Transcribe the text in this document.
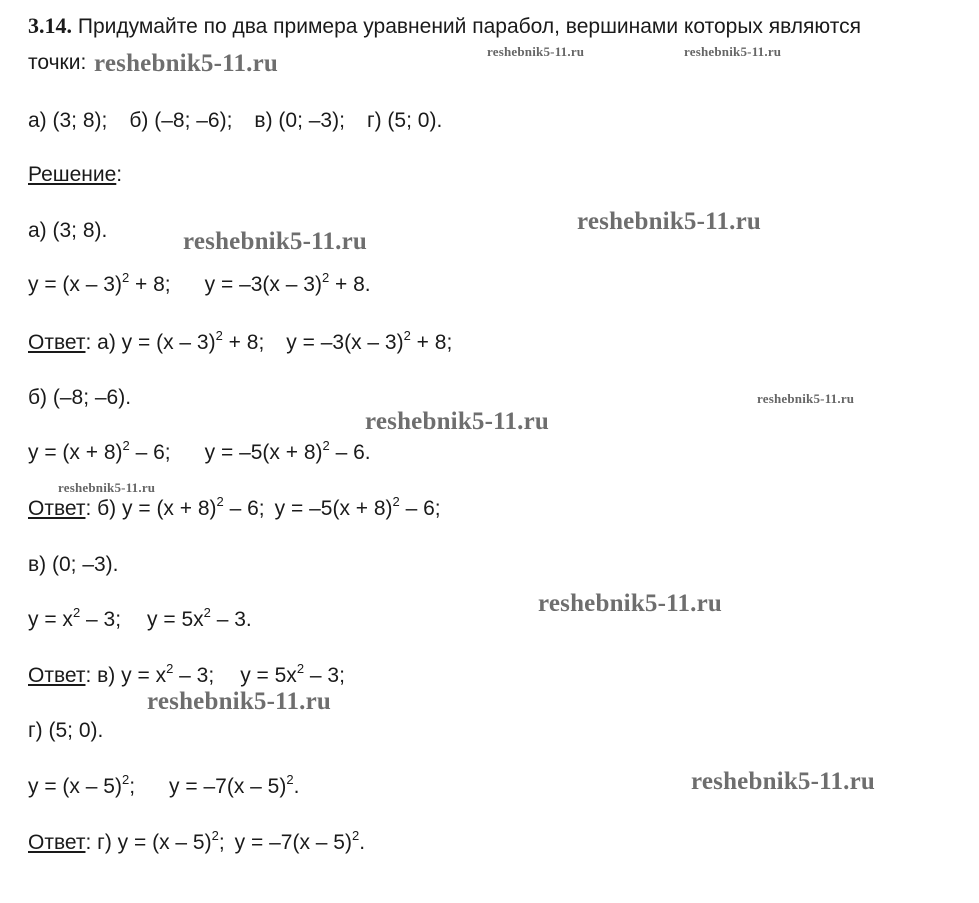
3.14. Придумайте по два примера уравнений парабол, вершинами которых являются

точки:

а) (3; 8); б) (–8; –6); в) (0; –3); г) (5; 0).

Решение:

а) (3; 8).

y = (x – 3)$^2$ + 8; y = –3(x – 3)$^2$ + 8.

Ответ: а) y = (x – 3)$^2$ + 8; y = –3(x – 3)$^2$ + 8;

б) (–8; –6).

$y = (x + 8)^2 - 6$; $y = -5(x + 8)^2 - 6$.

Ответ: б) $y = (x + 8)^2 - 6$; $y = -5(x + 8)^2 - 6$;

в) (0; –3).

$y = x^2 - 3$; $y = 5x^2 - 3$.

Ответ: в) $y = x^2 - 3$; $y = 5x^2 - 3$;

г) (5; 0).

y = (x – 5)$^2$; y = –7(x – 5)$^2$.

Ответ: г) y = (x – 5)$^2$; y = –7(x – 5)$^2$.

reshebnik5-11.ru	reshebnik5-11.ru	reshebnik5-11.ru
reshebnik5-11.ru
reshebnik5-11.ru
reshebnik5-11.ru
reshebnik5-11.ru
reshebnik5-11.ru
reshebnik5-11.ru
reshebnik5-11.ru
reshebnik5-11.ru
